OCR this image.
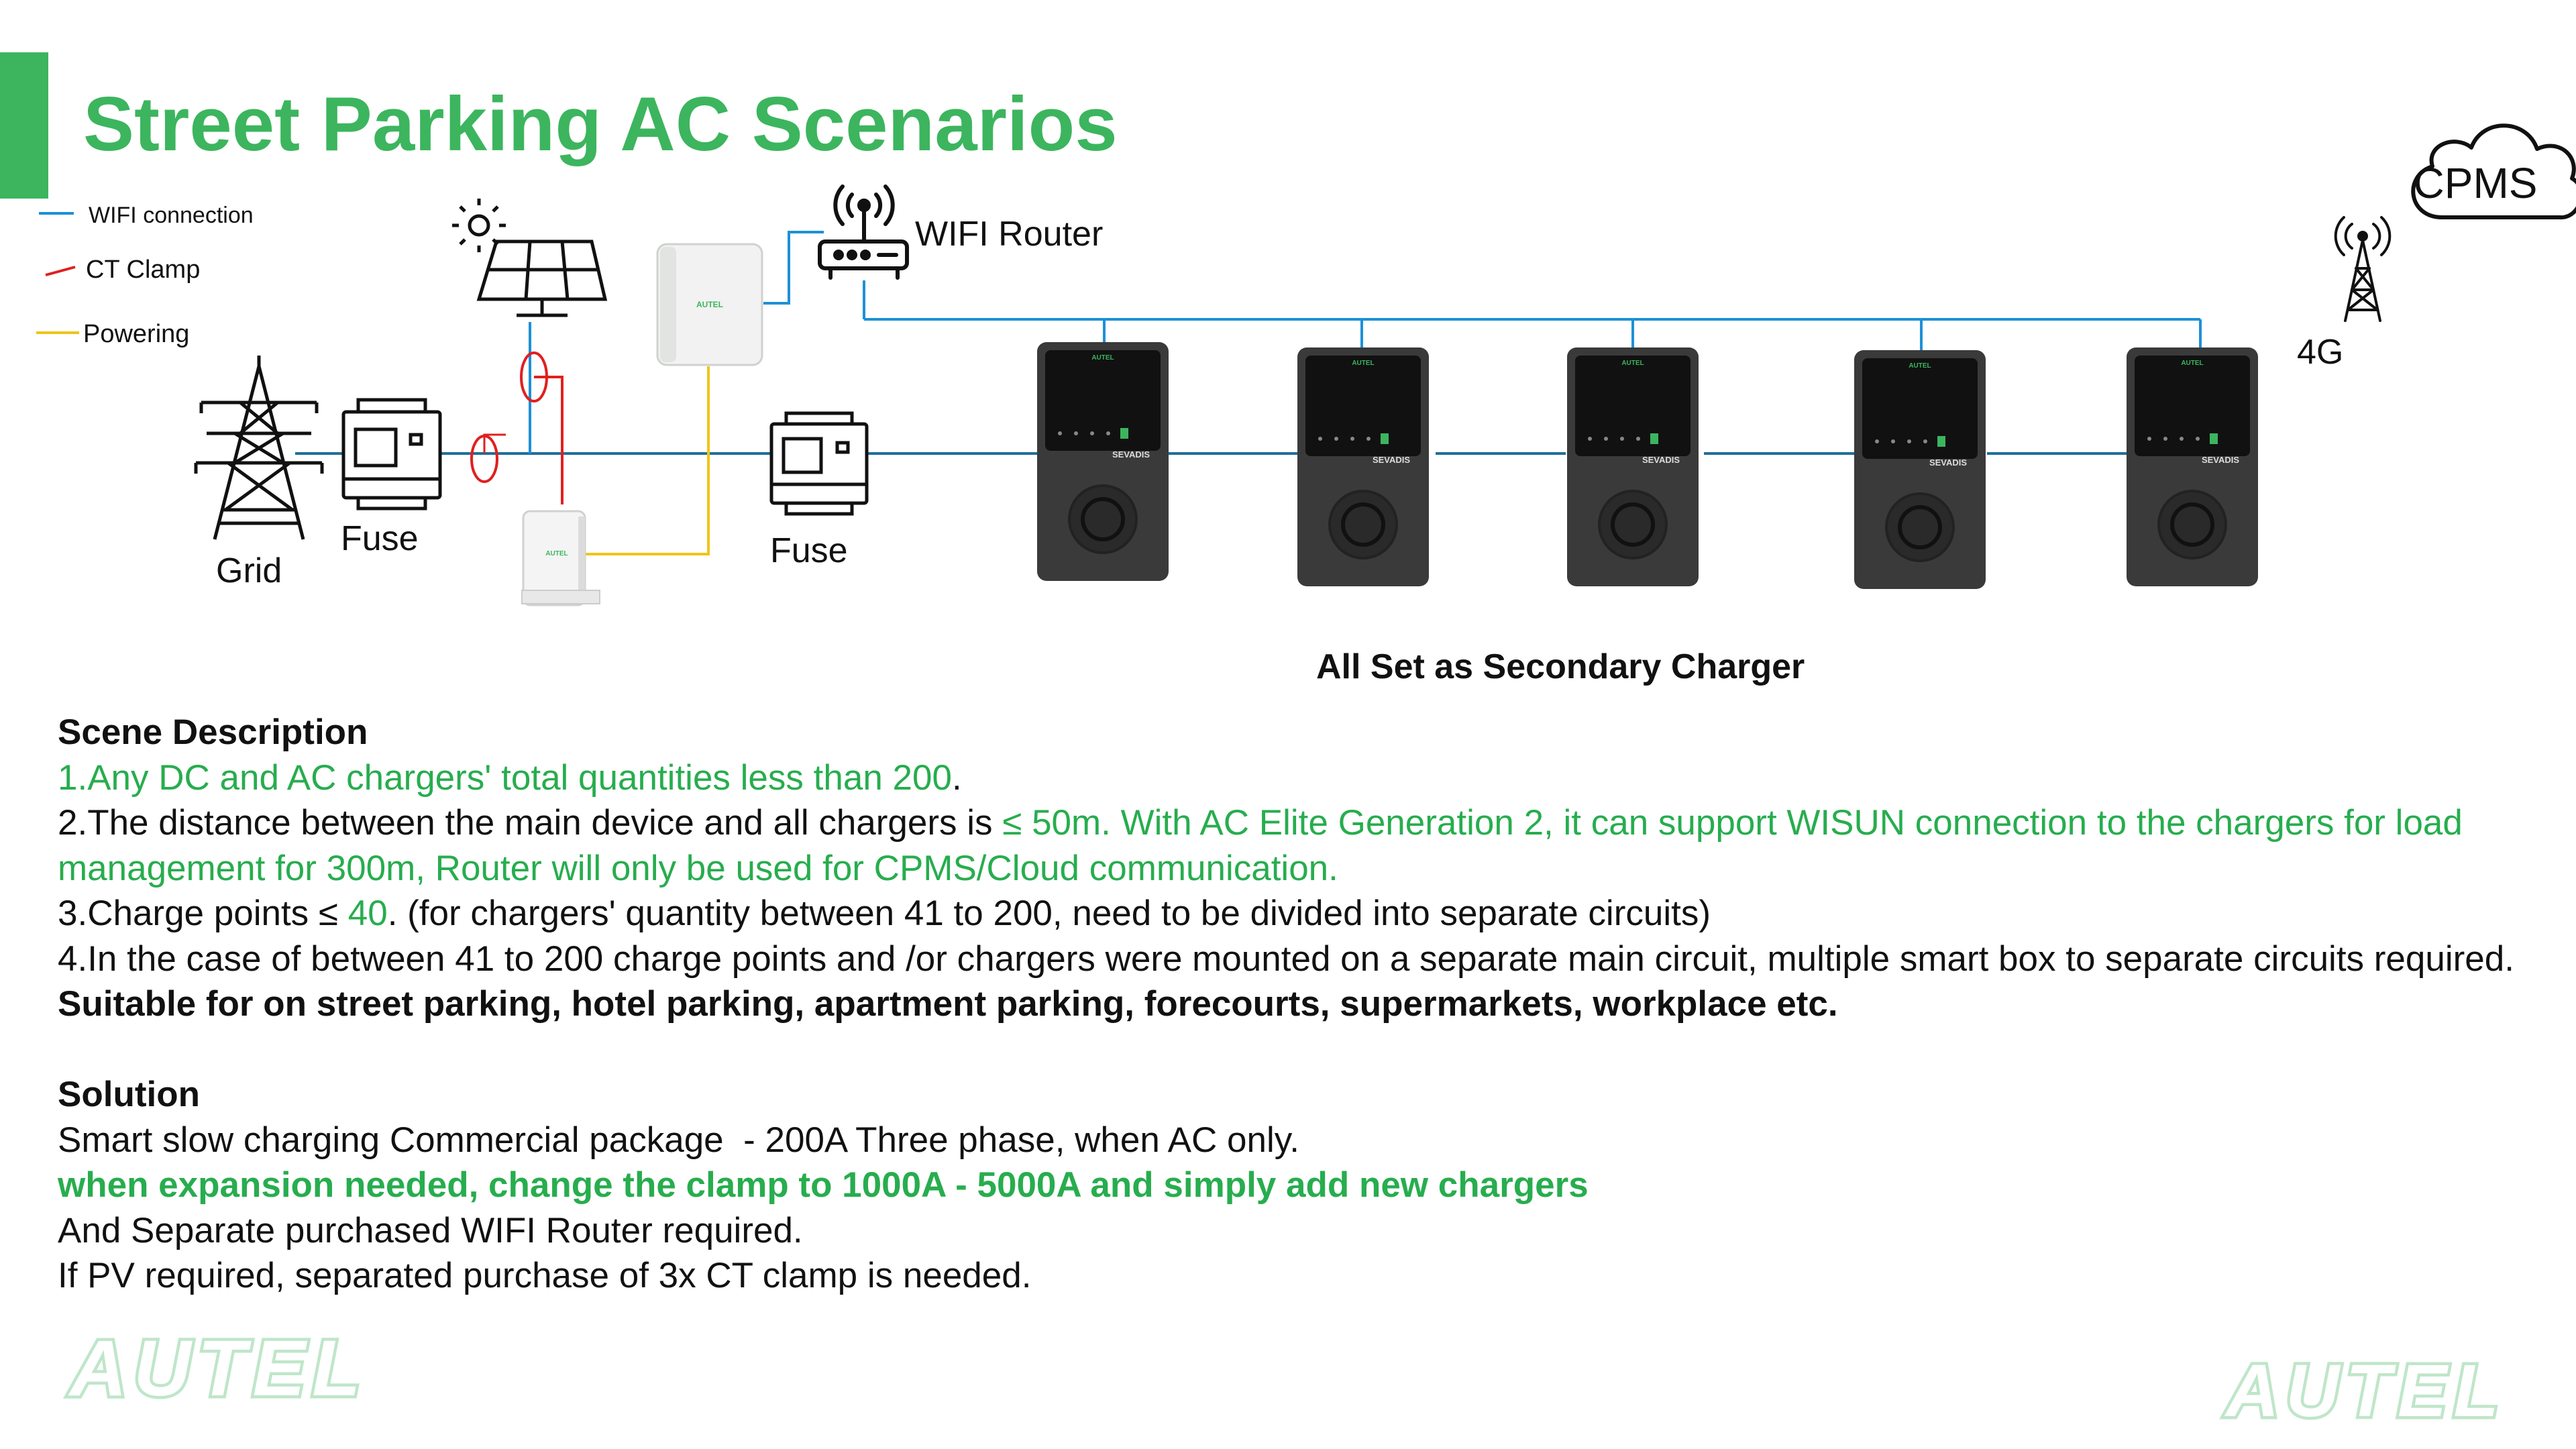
Street Parking AC Scenarios
WIFI connection
CT Clamp
Powering
Grid
Fuse
AUTEL
AUTEL	Fuse
WIFI Router
AUTEL
SEVADIS
AUTEL
SEVADIS
AUTEL
SEVADIS
AUTEL
SEVADIS
AUTEL
SEVADIS
CPMS
4G
All Set as Secondary Charger

Scene Description

1.Any DC and AC chargers' total quantities less than 200.

2.The distance between the main device and all chargers is ≤ 50m. With AC Elite Generation 2, it can support WISUN connection to the chargers for load management for 300m, Router will only be used for CPMS/Cloud communication.

3.Charge points ≤ 40. (for chargers' quantity between 41 to 200, need to be divided into separate circuits)

4.In the case of between 41 to 200 charge points and /or chargers were mounted on a separate main circuit, multiple smart box to separate circuits required.

Suitable for on street parking, hotel parking, apartment parking, forecourts, supermarkets, workplace etc.

Solution

Smart slow charging Commercial package  - 200A Three phase, when AC only.

when expansion needed, change the clamp to 1000A - 5000A and simply add new chargers

And Separate purchased WIFI Router required.

If PV required, separated purchase of 3x CT clamp is needed.

AUTEL	AUTEL
